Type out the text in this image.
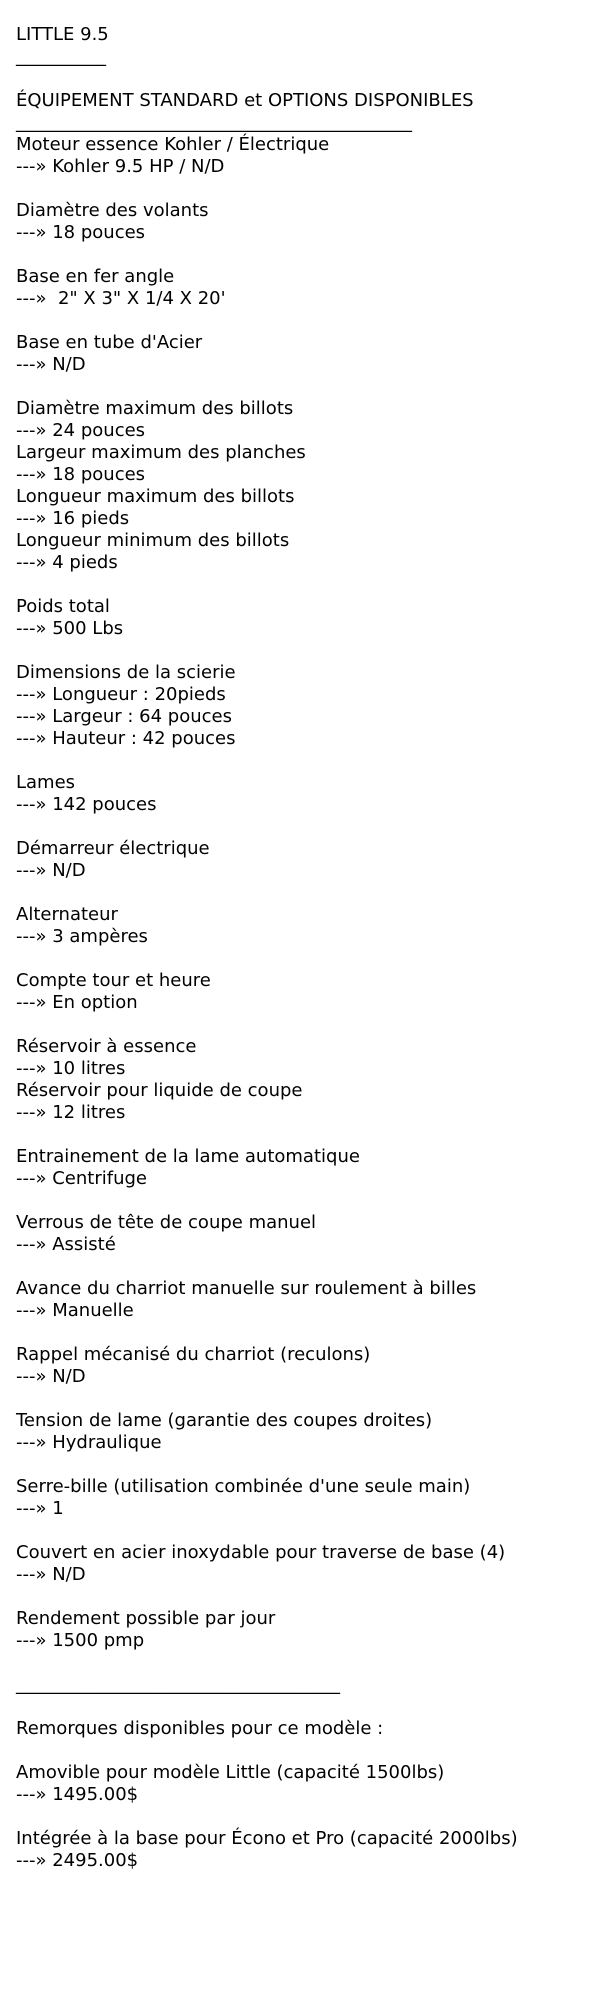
LITTLE 9.5
__________
ÉQUIPEMENT STANDARD et OPTIONS DISPONIBLES
____________________________________________
Moteur essence Kohler / Électrique
---» Kohler 9.5 HP / N/D
Diamètre des volants
---» 18 pouces
Base en fer angle
---»  2" X 3" X 1/4 X 20'
Base en tube d'Acier
---» N/D
Diamètre maximum des billots
---» 24 pouces
Largeur maximum des planches
---» 18 pouces
Longueur maximum des billots
---» 16 pieds
Longueur minimum des billots
---» 4 pieds
Poids total
---» 500 Lbs
Dimensions de la scierie
---» Longueur : 20pieds
---» Largeur : 64 pouces
---» Hauteur : 42 pouces
Lames
---» 142 pouces
Démarreur électrique
---» N/D
Alternateur
---» 3 ampères
Compte tour et heure
---» En option
Réservoir à essence
---» 10 litres
Réservoir pour liquide de coupe
---» 12 litres
Entrainement de la lame automatique
---» Centrifuge
Verrous de tête de coupe manuel
---» Assisté
Avance du charriot manuelle sur roulement à billes
---» Manuelle
Rappel mécanisé du charriot (reculons)
---» N/D
Tension de lame (garantie des coupes droites)
---» Hydraulique
Serre-bille (utilisation combinée d'une seule main)
---» 1
Couvert en acier inoxydable pour traverse de base (4)
---» N/D
Rendement possible par jour
---» 1500 pmp
____________________________________
Remorques disponibles pour ce modèle :
Amovible pour modèle Little (capacité 1500lbs)
---» 1495.00$
Intégrée à la base pour Écono et Pro (capacité 2000lbs)
---» 2495.00$
